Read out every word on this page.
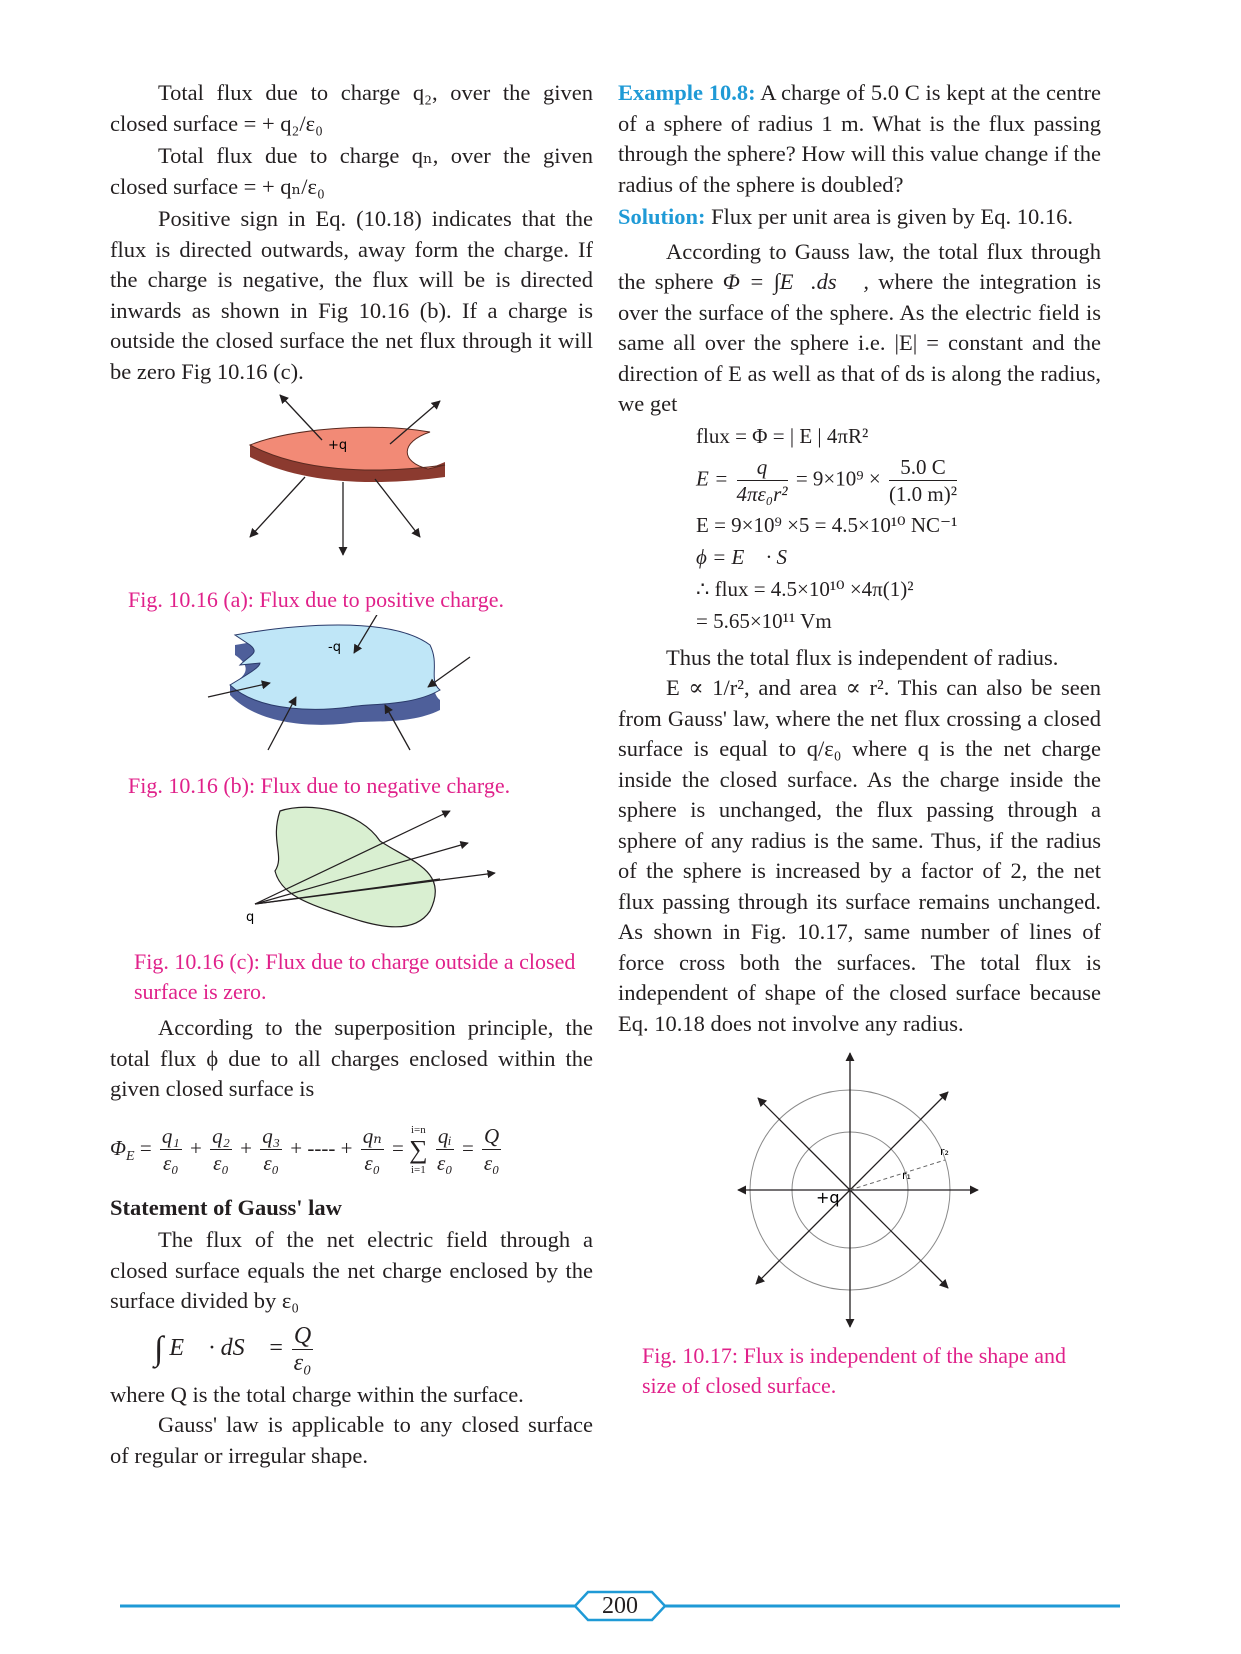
Total flux due to charge q₂, over the given closed surface = + q₂/ε₀

Total flux due to charge qₙ, over the given closed surface = + qₙ/ε₀

Positive sign in Eq. (10.18) indicates that the flux is directed outwards, away form the charge. If the charge is negative, the flux will be is directed inwards as shown in Fig 10.16 (b). If a charge is outside the closed surface the net flux through it will be zero Fig 10.16 (c).

+q

Fig. 10.16 (a): Flux due to positive charge.

-q

Fig. 10.16 (b): Flux due to negative charge.

q

Fig. 10.16 (c): Flux due to charge outside a closed surface is zero.

According to the superposition principle, the total flux ϕ due to all charges enclosed within the given closed surface is

$\Phi_E = \frac{\text{q₁}}{\text{ε₀}} + \frac{\text{q₂}}{\text{ε₀}} + \frac{\text{q₃}}{\text{ε₀}}$ + ---- + $\frac{\text{qₙ}}{\text{ε₀}}$ =
i=n
∑
i=1
$\frac{\text{qᵢ}}{\text{ε₀}} = \frac{Q}{\text{ε₀}}$

Statement of Gauss' law

The flux of the net electric field through a closed surface equals the net charge enclosed by the surface divided by ε₀

∫ E⃗ · dS⃗ = $\frac{Q}{\text{ε₀}}$

where Q is the total charge within the surface.

Gauss' law is applicable to any closed surface of regular or irregular shape.

Example 10.8: A charge of 5.0 C is kept at the centre of a sphere of radius 1 m. What is the flux passing through the sphere? How will this value change if the radius of the sphere is doubled?

Solution: Flux per unit area is given by Eq. 10.16.

According to Gauss law, the total flux through the sphere Φ = ∫E⃗.ds⃗ , where the integration is over the surface of the sphere. As the electric field is same all over the sphere i.e. |E| = constant and the direction of E as well as that of ds is along the radius, we get

flux = Φ = | E | 4πR²
$E = \frac{q}{\text{4πε₀r²}} = 9\times 10^9 \times \frac{5.0 C}{\text{(1.0 m)²}}$
E = 9×10⁹ ×5 = 4.5×10¹⁰ NC⁻¹
ϕ = E⃗ · S⃗
∴ flux = 4.5×10¹⁰ ×4π(1)²
= 5.65×10¹¹ Vm

Thus the total flux is independent of radius.

E ∝ 1/r², and area ∝ r². This can also be seen from Gauss' law, where the net flux crossing a closed surface is equal to q/ε₀ where q is the net charge inside the closed surface. As the charge inside the sphere is unchanged, the flux passing through a sphere of any radius is the same. Thus, if the radius of the sphere is increased by a factor of 2, the net flux passing through its surface remains unchanged. As shown in Fig. 10.17, same number of lines of force cross both the surfaces. The total flux is independent of shape of the closed surface because Eq. 10.18 does not involve any radius.

+q
r₁
r₂

Fig. 10.17: Flux is independent of the shape and size of closed surface.

200
